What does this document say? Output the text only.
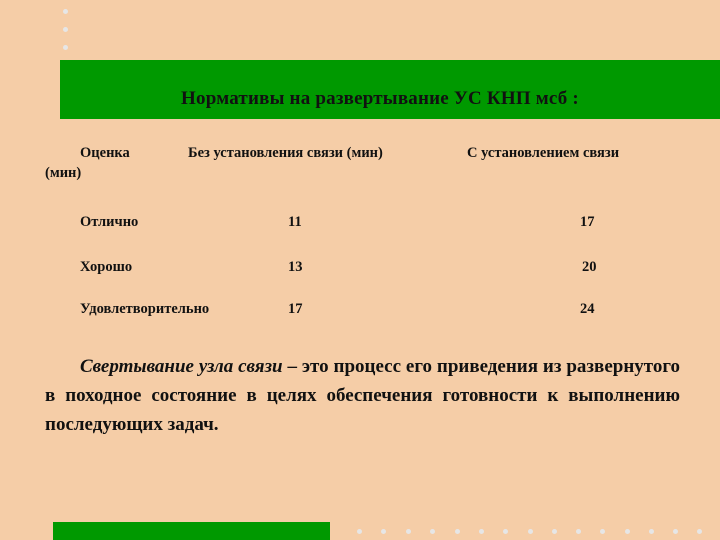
Нормативы на развертывание УС КНП мсб :
Оценка	Без установления связи (мин)	С установлением связи
(мин)
Отлично	11	17
Хорошо	13	20
Удовлетворительно	17	24
Свертывание узла связи – это процесс его приведения из развернутого в походное состояние в целях обеспечения готовности к выполнению последующих задач.
